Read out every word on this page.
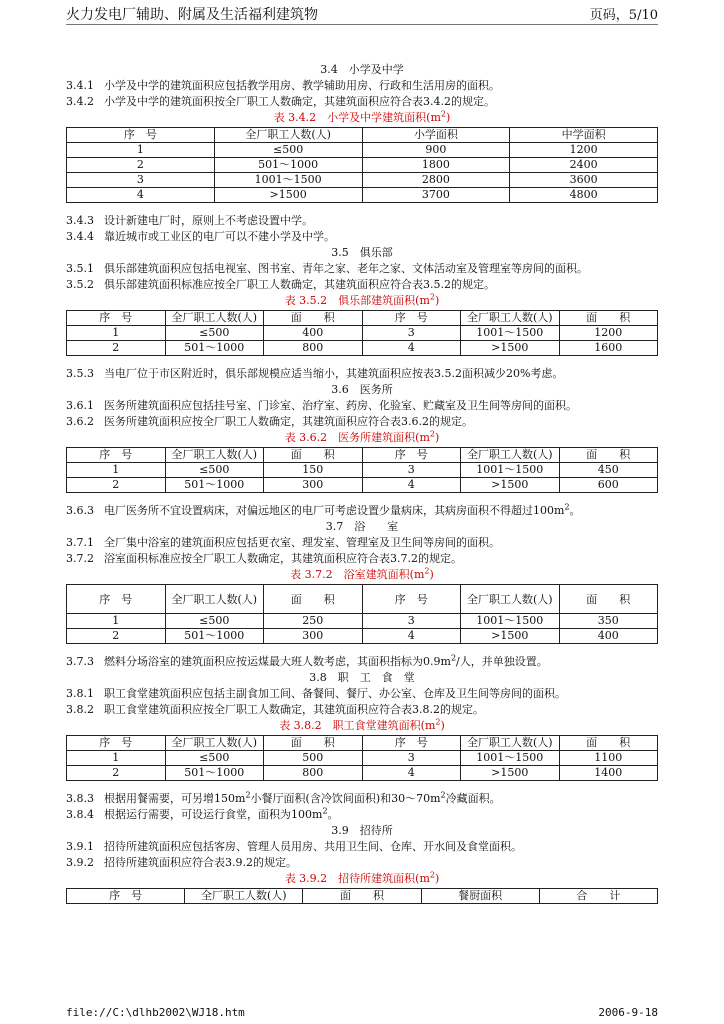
火力发电厂辅助、附属及生活福利建筑物	页码，5/10
3.4　小学及中学
3.4.1 小学及中学的建筑面积应包括教学用房、教学辅助用房、行政和生活用房的面积。
3.4.2 小学及中学的建筑面积按全厂职工人数确定，其建筑面积应符合表3.4.2的规定。
表 3.4.2　小学及中学建筑面积$(m^2)$
序　号	全厂职工人数(人)	小学面积	中学面积
1	≤500	900	1200
2	501～1000	1800	2400
3	1001～1500	2800	3600
4	>1500	3700	4800
3.4.3 设计新建电厂时，原则上不考虑设置中学。
3.4.4 靠近城市或工业区的电厂可以不建小学及中学。
3.5　俱乐部
3.5.1 俱乐部建筑面积应包括电视室、图书室、青年之家、老年之家、文体活动室及管理室等房间的面积。
3.5.2 俱乐部建筑面积标准应按全厂职工人数确定，其建筑面积应符合表3.5.2的规定。
表 3.5.2　俱乐部建筑面积$(m^2)$
序　号	全厂职工人数(人)	面　　积	序　号	全厂职工人数(人)	面　　积
1	≤500	400	3	1001～1500	1200
2	501～1000	800	4	>1500	1600
3.5.3 当电厂位于市区附近时，俱乐部规模应适当缩小，其建筑面积应按表3.5.2面积减少20%考虑。
3.6　医务所
3.6.1 医务所建筑面积应包括挂号室、门诊室、治疗室、药房、化验室、贮藏室及卫生间等房间的面积。
3.6.2 医务所建筑面积应按全厂职工人数确定，其建筑面积应符合表3.6.2的规定。
表 3.6.2　医务所建筑面积$(m^2)$
序　号	全厂职工人数(人)	面　　积	序　号	全厂职工人数(人)	面　　积
1	≤500	150	3	1001～1500	450
2	501～1000	300	4	>1500	600
3.6.3 电厂医务所不宜设置病床，对偏远地区的电厂可考虑设置少量病床，其病房面积不得超过$100m^2$。
3.7　浴　　室
3.7.1 全厂集中浴室的建筑面积应包括更衣室、理发室、管理室及卫生间等房间的面积。
3.7.2 浴室面积标准应按全厂职工人数确定，其建筑面积应符合表3.7.2的规定。
表 3.7.2　浴室建筑面积$(m^2)$
序　号	全厂职工人数(人)	面　　积	序　号	全厂职工人数(人)	面　　积
1	≤500	250	3	1001～1500	350
2	501～1000	300	4	>1500	400
3.7.3 燃料分场浴室的建筑面积应按运煤最大班人数考虑，其面积指标为$0.9m^2/$人，并单独设置。
3.8　职　工　食　堂
3.8.1 职工食堂建筑面积应包括主副食加工间、备餐间、餐厅、办公室、仓库及卫生间等房间的面积。
3.8.2 职工食堂建筑面积应按全厂职工人数确定，其建筑面积应符合表3.8.2的规定。
表 3.8.2　职工食堂建筑面积$(m^2)$
序　号	全厂职工人数(人)	面　　积	序　号	全厂职工人数(人)	面　　积
1	≤500	500	3	1001～1500	1100
2	501～1000	800	4	>1500	1400
3.8.3 根据用餐需要，可另增$150m^2$小餐厅面积(含冷饮间面积)和$30\sim 70m^2$冷藏面积。
3.8.4 根据运行需要，可设运行食堂，面积为$100m^2$。
3.9　招待所
3.9.1 招待所建筑面积应包括客房、管理人员用房、共用卫生间、仓库、开水间及食堂面积。
3.9.2 招待所建筑面积应符合表3.9.2的规定。
表 3.9.2　招待所建筑面积$(m^2)$
序　号	全厂职工人数(人)	面　　积	餐厨面积	合　　计
file://C:\dlhb2002\WJ18.htm	2006-9-18
